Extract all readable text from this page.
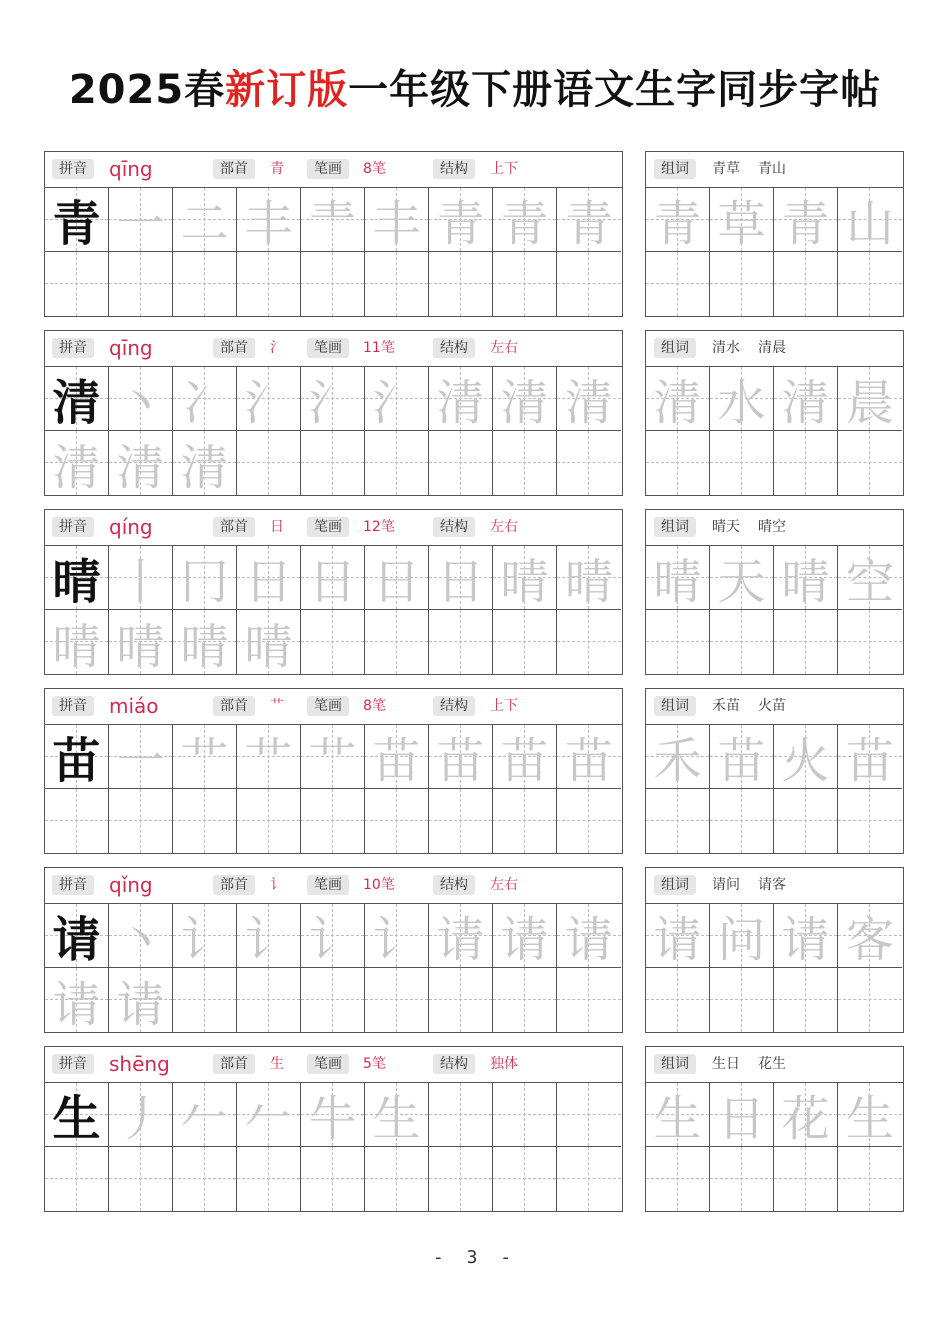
2025春新订版一年级下册语文生字同步字帖
拼音	部首	笔画	结构
qīng	青	8笔	上下
青 一 二 丰 龶 丰 青 青 青
组词	青草 青山
青 草 青 山
拼音	部首	笔画	结构
qīng	氵	11笔	左右
清 丶 冫 氵 氵 氵 清 清 清
清 清 清
组词	清水 清晨
清 水 清 晨
拼音	部首	笔画	结构
qíng	日	12笔	左右
晴 丨 冂 日 日 日 日 晴 晴
晴 晴 晴 晴
组词	晴天 晴空
晴 天 晴 空
拼音	部首	笔画	结构
miáo	艹	8笔	上下
苗 一 艹 艹 艹 苗 苗 苗 苗
组词	禾苗 火苗
禾 苗 火 苗
拼音	部首	笔画	结构
qǐng	讠	10笔	左右
请 丶 讠 讠 讠 讠 请 请 请
请 请
组词	请问 请客
请 问 请 客
拼音	部首	笔画	结构
shēng	生	5笔	独体
生 丿 𠂉 𠂉 牛 生
组词	生日 花生
生 日 花 生
- 3 -
